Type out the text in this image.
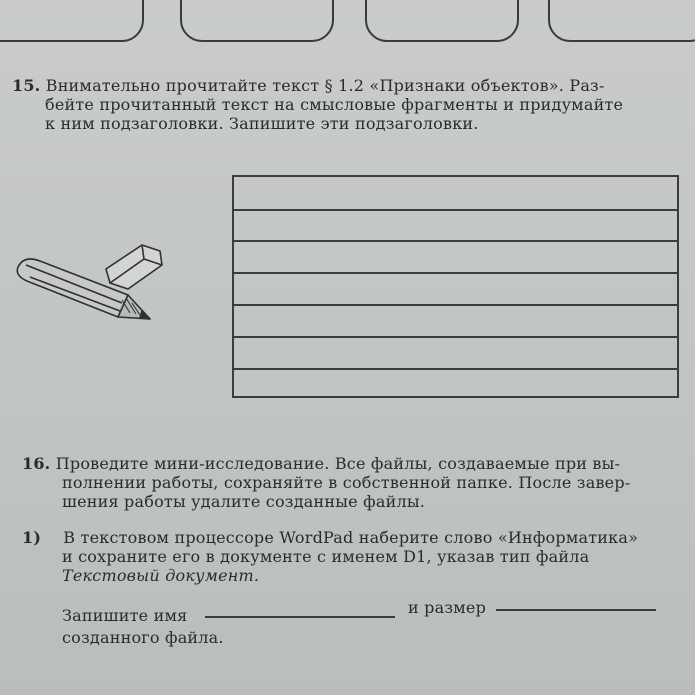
15. Внимательно прочитайте текст § 1.2 «Признаки объектов». Раз-
бейте прочитанный текст на смысловые фрагменты и придумайте
к ним подзаголовки. Запишите эти подзаголовки.
16. Проведите мини-исследование. Все файлы, создаваемые при вы-
полнении работы, сохраняйте в собственной папке. После завер-
шения работы удалите созданные файлы.
1) В текстовом процессоре WordPad наберите слово «Информатика»
и сохраните его в документе с именем D1, указав тип файла
Текстовый документ.
Запишите имя	и размер
созданного файла.
